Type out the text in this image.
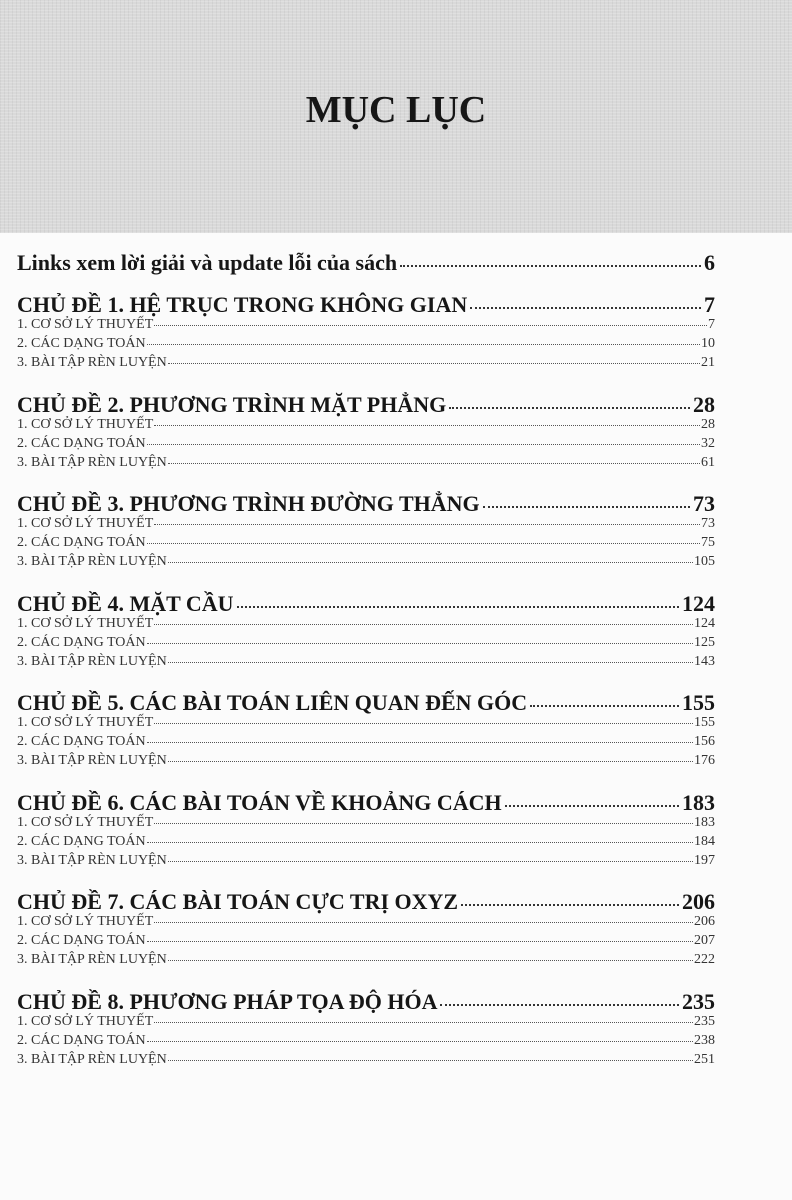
MỤC LỤC
Links xem lời giải và update lỗi của sách	6
CHỦ ĐỀ 1. HỆ TRỤC TRONG KHÔNG GIAN	7
1. CƠ SỞ LÝ THUYẾT	7
2. CÁC DẠNG TOÁN	10
3. BÀI TẬP RÈN LUYỆN	21
CHỦ ĐỀ 2. PHƯƠNG TRÌNH MẶT PHẲNG	28
1. CƠ SỞ LÝ THUYẾT	28
2. CÁC DẠNG TOÁN	32
3. BÀI TẬP RÈN LUYỆN	61
CHỦ ĐỀ 3. PHƯƠNG TRÌNH ĐƯỜNG THẲNG	73
1. CƠ SỞ LÝ THUYẾT	73
2. CÁC DẠNG TOÁN	75
3. BÀI TẬP RÈN LUYỆN	105
CHỦ ĐỀ 4. MẶT CẦU	124
1. CƠ SỞ LÝ THUYẾT	124
2. CÁC DẠNG TOÁN	125
3. BÀI TẬP RÈN LUYỆN	143
CHỦ ĐỀ 5. CÁC BÀI TOÁN LIÊN QUAN ĐẾN GÓC	155
1. CƠ SỞ LÝ THUYẾT	155
2. CÁC DẠNG TOÁN	156
3. BÀI TẬP RÈN LUYỆN	176
CHỦ ĐỀ 6. CÁC BÀI TOÁN VỀ KHOẢNG CÁCH	183
1. CƠ SỞ LÝ THUYẾT	183
2. CÁC DẠNG TOÁN	184
3. BÀI TẬP RÈN LUYỆN	197
CHỦ ĐỀ 7. CÁC BÀI TOÁN CỰC TRỊ OXYZ	206
1. CƠ SỞ LÝ THUYẾT	206
2. CÁC DẠNG TOÁN	207
3. BÀI TẬP RÈN LUYỆN	222
CHỦ ĐỀ 8. PHƯƠNG PHÁP TỌA ĐỘ HÓA	235
1. CƠ SỞ LÝ THUYẾT	235
2. CÁC DẠNG TOÁN	238
3. BÀI TẬP RÈN LUYỆN	251
